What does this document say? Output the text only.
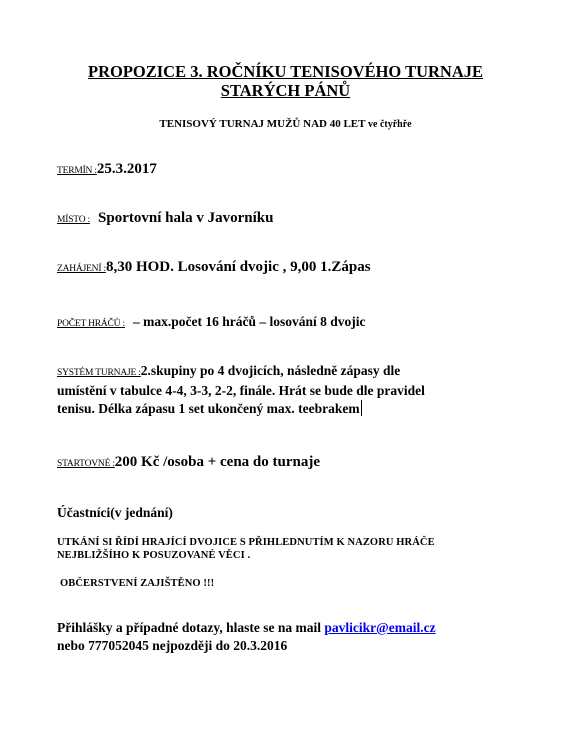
PROPOZICE 3. ROČNÍKU TENISOVÉHO TURNAJE
STARÝCH PÁNŮ
TENISOVÝ TURNAJ MUŽŮ NAD 40 LET ve čtyřhře
TERMÍN :25.3.2017
MÍSTO : Sportovní hala v Javorníku
ZAHÁJENÍ :8,30 HOD. Losování dvojic , 9,00 1.Zápas
POČET HRÁČŮ : – max.počet 16 hráčů – losování 8 dvojic
SYSTÉM TURNAJE :2.skupiny po 4 dvojicích, následně zápasy dle
umístění v tabulce 4-4, 3-3, 2-2, finále. Hrát se bude dle pravidel
tenisu. Délka zápasu 1 set ukončený max. teebrakem
STARTOVNÉ :200 Kč /osoba + cena do turnaje
Účastníci(v jednání)
UTKÁNÍ SI ŘÍDÍ HRAJÍCÍ DVOJICE S PŘIHLEDNUTÍM K NAZORU HRÁČE
NEJBLIŽŠÍHO K POSUZOVANÉ VĚCI .
OBČERSTVENÍ ZAJIŠTĚNO !!!
Přihlášky a případné dotazy, hlaste se na mail pavlicikr@email.cz
nebo 777052045 nejpozději do 20.3.2016
